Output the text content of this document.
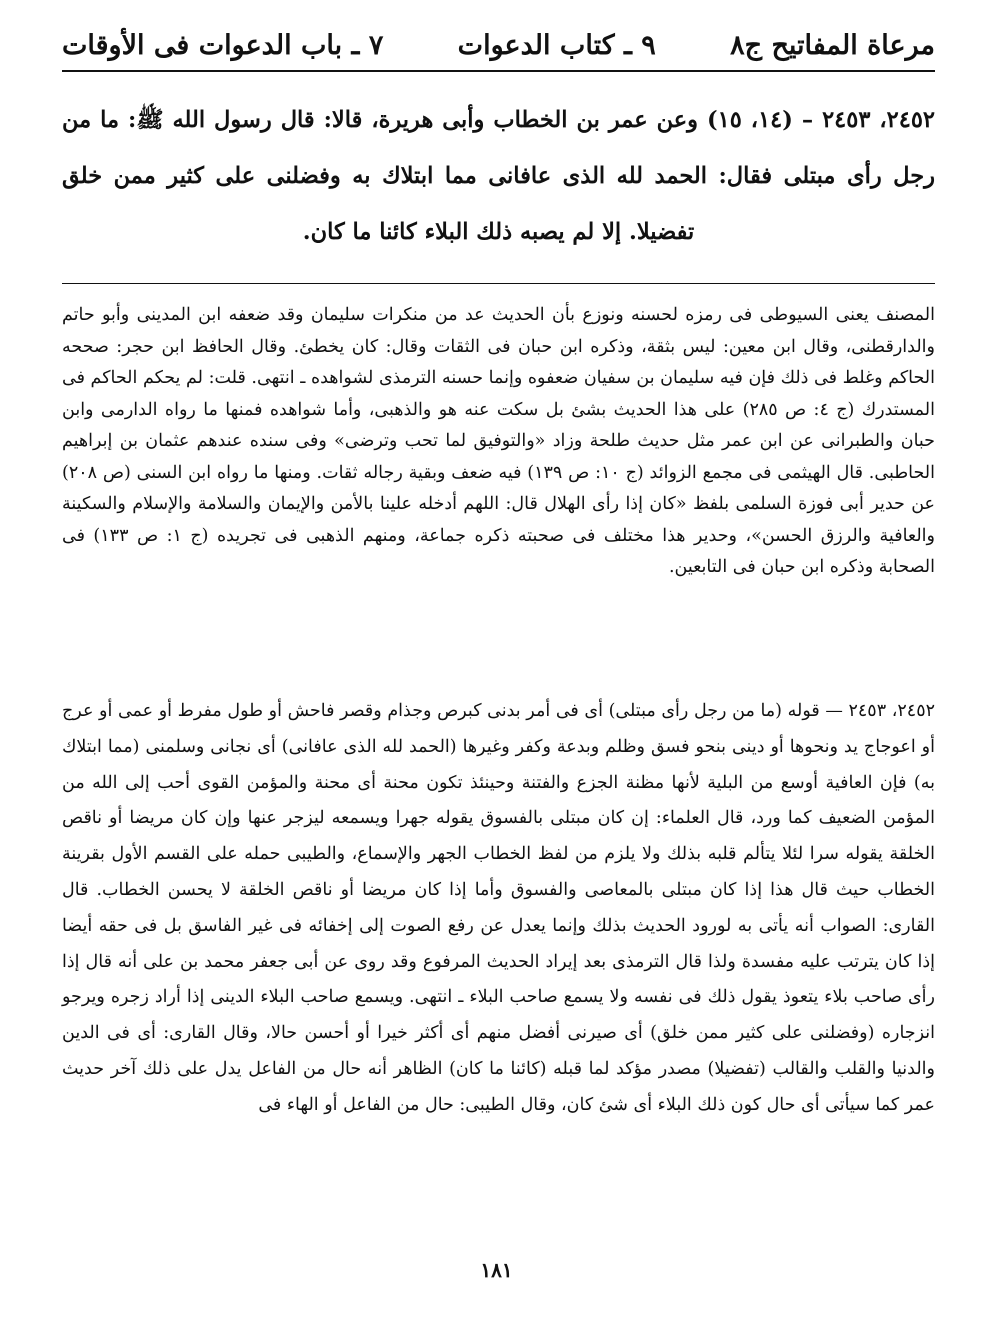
مرعاة المفاتيح ج٨
٩ ـ كتاب الدعوات
٧ ـ باب الدعوات فى الأوقات
٢٤٥٢، ٢٤٥٣ – (١٤، ١٥) وعن عمر بن الخطاب وأبى هريرة، قالا: قال رسول الله ﷺ: ما من رجل رأى مبتلى فقال: الحمد لله الذى عافانى مما ابتلاك به وفضلنى على كثير ممن خلق تفضيلا. إلا لم يصبه ذلك البلاء كائنا ما كان.

المصنف يعنى السيوطى فى رمزه لحسنه ونوزع بأن الحديث عد من منكرات سليمان وقد ضعفه ابن المدينى وأبو حاتم والدارقطنى، وقال ابن معين: ليس بثقة، وذكره ابن حبان فى الثقات وقال: كان يخطئ. وقال الحافظ ابن حجر: صححه الحاكم وغلط فى ذلك فإن فيه سليمان بن سفيان ضعفوه وإنما حسنه الترمذى لشواهده ـ انتهى. قلت: لم يحكم الحاكم فى المستدرك (ج ٤: ص ٢٨٥) على هذا الحديث بشئ بل سكت عنه هو والذهبى، وأما شواهده فمنها ما رواه الدارمى وابن حبان والطبرانى عن ابن عمر مثل حديث طلحة وزاد «والتوفيق لما تحب وترضى» وفى سنده عندهم عثمان بن إبراهيم الحاطبى. قال الهيثمى فى مجمع الزوائد (ج ١٠: ص ١٣٩) فيه ضعف وبقية رجاله ثقات. ومنها ما رواه ابن السنى (ص ٢٠٨) عن حدير أبى فوزة السلمى بلفظ «كان إذا رأى الهلال قال: اللهم أدخله علينا بالأمن والإيمان والسلامة والإسلام والسكينة والعافية والرزق الحسن»، وحدير هذا مختلف فى صحبته ذكره جماعة، ومنهم الذهبى فى تجريده (ج ١: ص ١٣٣) فى الصحابة وذكره ابن حبان فى التابعين.

٢٤٥٢، ٢٤٥٣ — قوله (ما من رجل رأى مبتلى) أى فى أمر بدنى كبرص وجذام وقصر فاحش أو طول مفرط أو عمى أو عرج أو اعوجاج يد ونحوها أو دينى بنحو فسق وظلم وبدعة وكفر وغيرها (الحمد لله الذى عافانى) أى نجانى وسلمنى (مما ابتلاك به) فإن العافية أوسع من البلية لأنها مظنة الجزع والفتنة وحينئذ تكون محنة أى محنة والمؤمن القوى أحب إلى الله من المؤمن الضعيف كما ورد، قال العلماء: إن كان مبتلى بالفسوق يقوله جهرا ويسمعه ليزجر عنها وإن كان مريضا أو ناقص الخلقة يقوله سرا لئلا يتألم قلبه بذلك ولا يلزم من لفظ الخطاب الجهر والإسماع، والطيبى حمله على القسم الأول بقرينة الخطاب حيث قال هذا إذا كان مبتلى بالمعاصى والفسوق وأما إذا كان مريضا أو ناقص الخلقة لا يحسن الخطاب. قال القارى: الصواب أنه يأتى به لورود الحديث بذلك وإنما يعدل عن رفع الصوت إلى إخفائه فى غير الفاسق بل فى حقه أيضا إذا كان يترتب عليه مفسدة ولذا قال الترمذى بعد إيراد الحديث المرفوع وقد روى عن أبى جعفر محمد بن على أنه قال إذا رأى صاحب بلاء يتعوذ يقول ذلك فى نفسه ولا يسمع صاحب البلاء ـ انتهى. ويسمع صاحب البلاء الدينى إذا أراد زجره ويرجو انزجاره (وفضلنى على كثير ممن خلق) أى صيرنى أفضل منهم أى أكثر خيرا أو أحسن حالا، وقال القارى: أى فى الدين والدنيا والقلب والقالب (تفضيلا) مصدر مؤكد لما قبله (كائنا ما كان) الظاهر أنه حال من الفاعل يدل على ذلك آخر حديث عمر كما سيأتى أى حال كون ذلك البلاء أى شئ كان، وقال الطيبى: حال من الفاعل أو الهاء فى

١٨١
